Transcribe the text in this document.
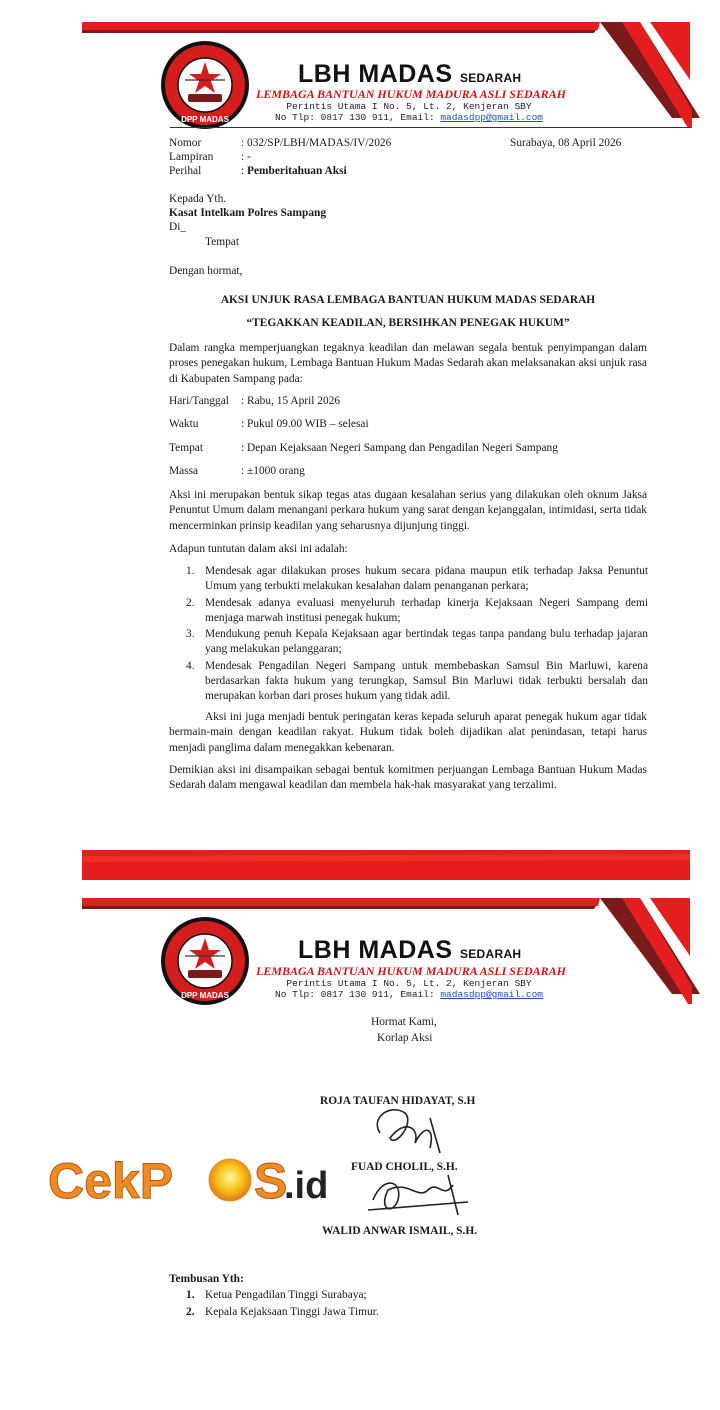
DPP MADAS
LBH MADAS SEDARAH
LEMBAGA BANTUAN HUKUM MADURA ASLI SEDARAH
Perintis Utama I No. 5, Lt. 2, Kenjeran SBY
No Tlp: 0817 130 911, Email: madasdpp@gmail.com
Nomor	: 032/SP/LBH/MADAS/IV/2026	Surabaya, 08 April 2026
Lampiran : -
Perihal	: Pemberitahuan Aksi
Kepada Yth.
Kasat Intelkam Polres Sampang
Di_
Tempat
Dengan hormat,
AKSI UNJUK RASA LEMBAGA BANTUAN HUKUM MADAS SEDARAH
“TEGAKKAN KEADILAN, BERSIHKAN PENEGAK HUKUM”
Dalam rangka memperjuangkan tegaknya keadilan dan melawan segala bentuk penyimpangan dalam proses penegakan hukum, Lembaga Bantuan Hukum Madas Sedarah akan melaksanakan aksi unjuk rasa di Kabupaten Sampang pada:
Hari/Tanggal : Rabu, 15 April 2026
Waktu	: Pukul 09.00 WIB – selesai
Tempat	: Depan Kejaksaan Negeri Sampang dan Pengadilan Negeri Sampang
Massa	: ±1000 orang
Aksi ini merupakan bentuk sikap tegas atas dugaan kesalahan serius yang dilakukan oleh oknum Jaksa Penuntut Umum dalam menangani perkara hukum yang sarat dengan kejanggalan, intimidasi, serta tidak mencerminkan prinsip keadilan yang seharusnya dijunjung tinggi.
Adapun tuntutan dalam aksi ini adalah:
1. Mendesak agar dilakukan proses hukum secara pidana maupun etik terhadap Jaksa Penuntut Umum yang terbukti melakukan kesalahan dalam penanganan perkara;
2. Mendesak adanya evaluasi menyeluruh terhadap kinerja Kejaksaan Negeri Sampang demi menjaga marwah institusi penegak hukum;
3. Mendukung penuh Kepala Kejaksaan agar bertindak tegas tanpa pandang bulu terhadap jajaran yang melakukan pelanggaran;
4. Mendesak Pengadilan Negeri Sampang untuk membebaskan Samsul Bin Marluwi, karena berdasarkan fakta hukum yang terungkap, Samsul Bin Marluwi tidak terbukti bersalah dan merupakan korban dari proses hukum yang tidak adil.
Aksi ini juga menjadi bentuk peringatan keras kepada seluruh aparat penegak hukum agar tidak bermain-main dengan keadilan rakyat. Hukum tidak boleh dijadikan alat penindasan, tetapi harus menjadi panglima dalam menegakkan kebenaran.
Demikian aksi ini disampaikan sebagai bentuk komitmen perjuangan Lembaga Bantuan Hukum Madas Sedarah dalam mengawal keadilan dan membela hak-hak masyarakat yang terzalimi.
DPP MADAS
LBH MADAS SEDARAH
LEMBAGA BANTUAN HUKUM MADURA ASLI SEDARAH
Perintis Utama I No. 5, Lt. 2, Kenjeran SBY
No Tlp: 0817 130 911, Email: madasdpp@gmail.com
Hormat Kami,
Korlap Aksi
ROJA TAUFAN HIDAYAT, S.H
FUAD CHOLIL, S.H.
WALID ANWAR ISMAIL, S.H.
CekP S
.id
Tembusan Yth:
1. Ketua Pengadilan Tinggi Surabaya;
2. Kepala Kejaksaan Tinggi Jawa Timur.
